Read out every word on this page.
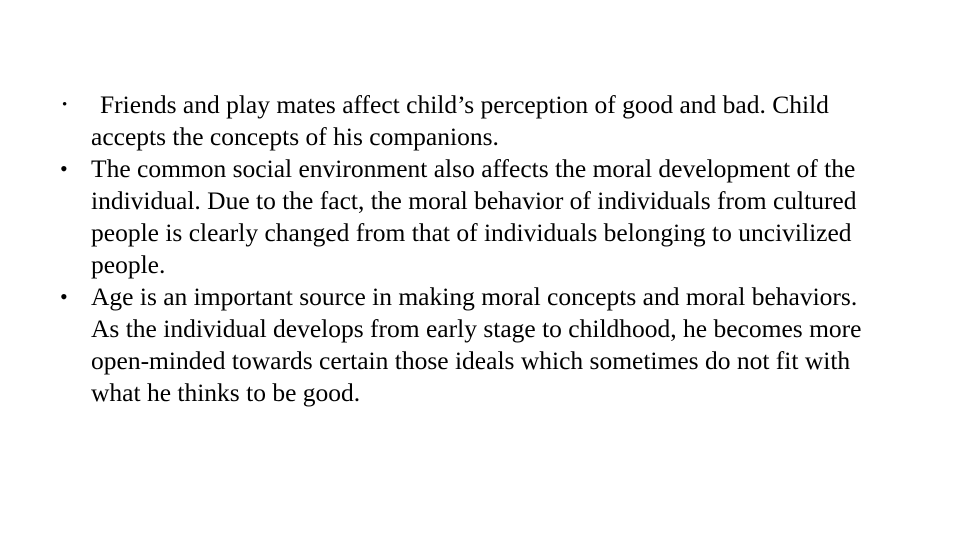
•	Friends and play mates affect child’s perception of good and bad. Child accepts the concepts of his companions.
• The common social environment also affects the moral development of the individual. Due to the fact, the moral behavior of individuals from cultured people is clearly changed from that of individuals belonging to uncivilized people.
• Age is an important source in making moral concepts and moral behaviors. As the individual develops from early stage to childhood, he becomes more open-minded towards certain those ideals which sometimes do not fit with what he thinks to be good.
